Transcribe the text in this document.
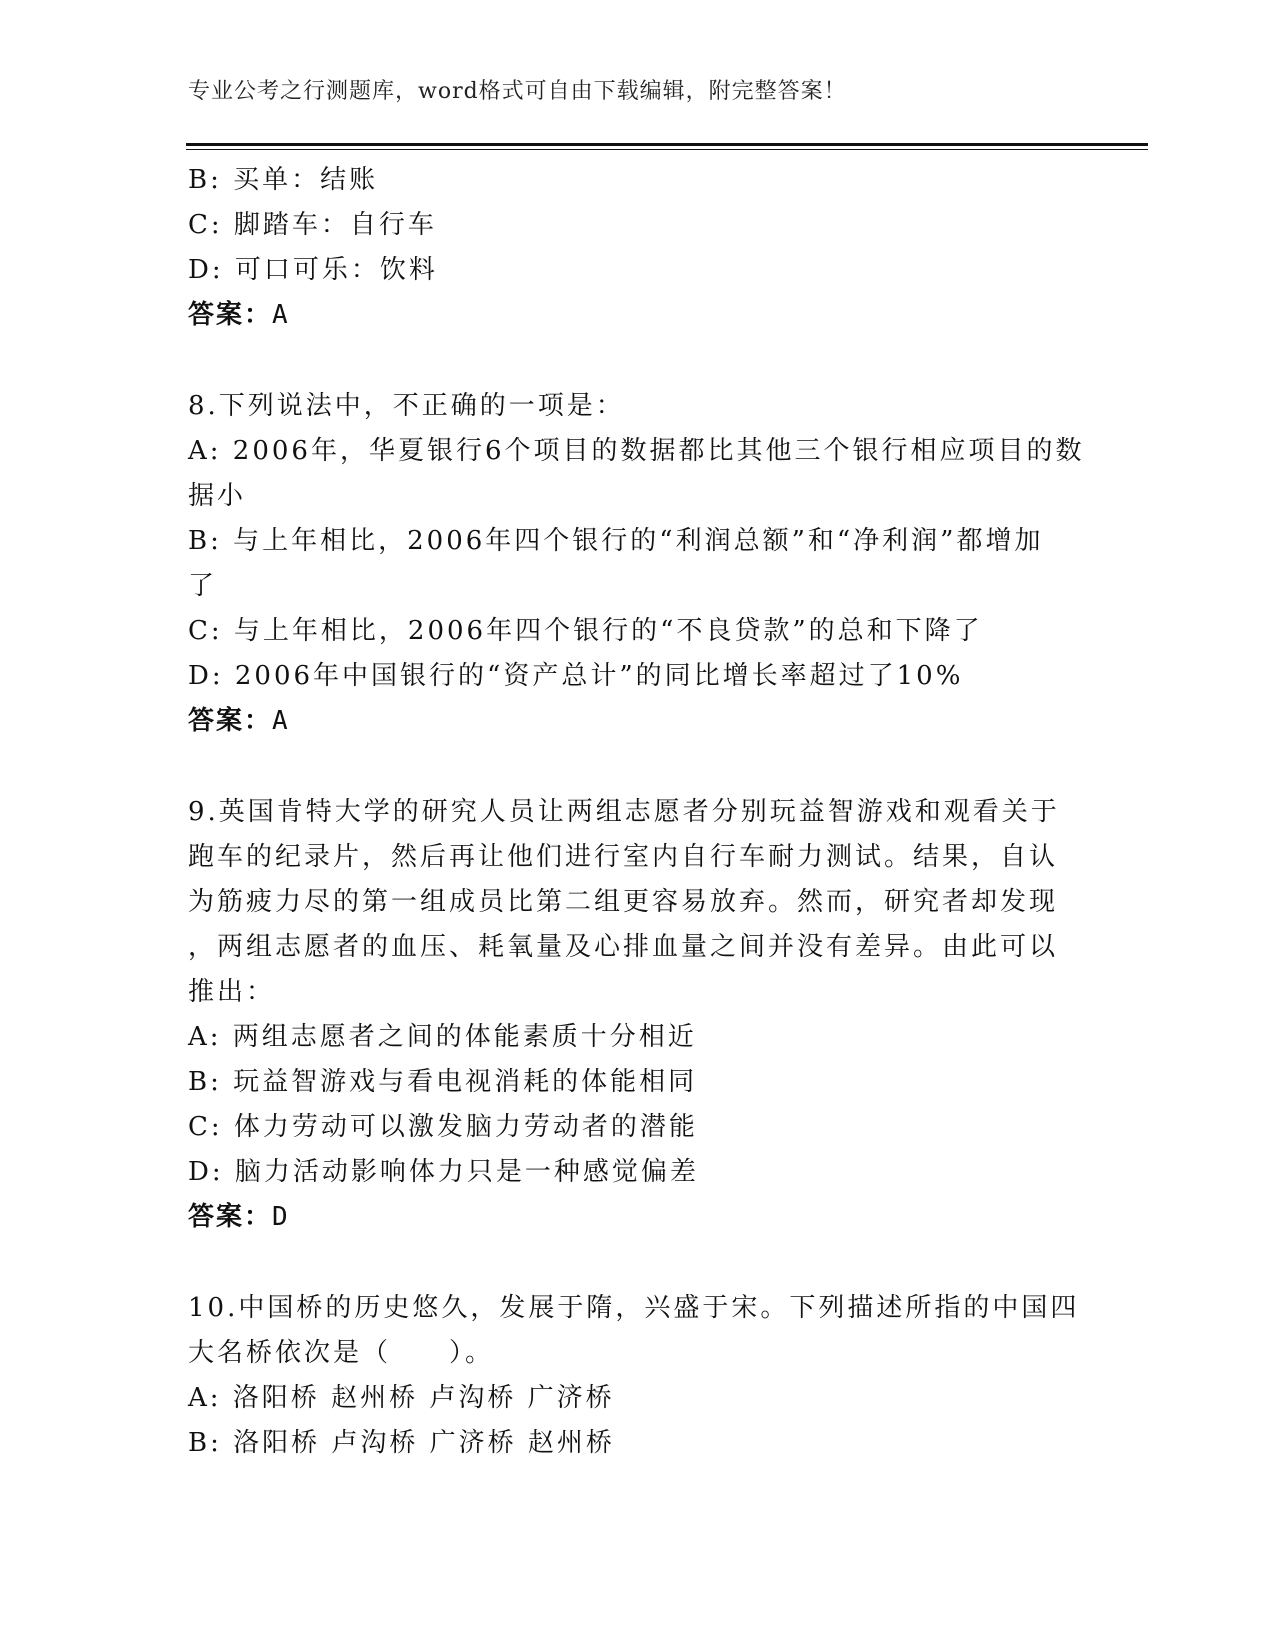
专业公考之行测题库，word格式可自由下载编辑，附完整答案！
B: 买单：结账
C: 脚踏车：自行车
D: 可口可乐：饮料
答案：A
8.下列说法中，不正确的一项是：
A: 2006年，华夏银行6个项目的数据都比其他三个银行相应项目的数
据小
B: 与上年相比，2006年四个银行的“利润总额”和“净利润”都增加
了
C: 与上年相比，2006年四个银行的“不良贷款”的总和下降了
D: 2006年中国银行的“资产总计”的同比增长率超过了10%
答案：A
9.英国肯特大学的研究人员让两组志愿者分别玩益智游戏和观看关于
跑车的纪录片，然后再让他们进行室内自行车耐力测试。结果，自认
为筋疲力尽的第一组成员比第二组更容易放弃。然而，研究者却发现
，两组志愿者的血压、耗氧量及心排血量之间并没有差异。由此可以
推出：
A: 两组志愿者之间的体能素质十分相近
B: 玩益智游戏与看电视消耗的体能相同
C: 体力劳动可以激发脑力劳动者的潜能
D: 脑力活动影响体力只是一种感觉偏差
答案：D
10.中国桥的历史悠久，发展于隋，兴盛于宋。下列描述所指的中国四
大名桥依次是（　　）。
A: 洛阳桥 赵州桥 卢沟桥 广济桥
B: 洛阳桥 卢沟桥 广济桥 赵州桥
